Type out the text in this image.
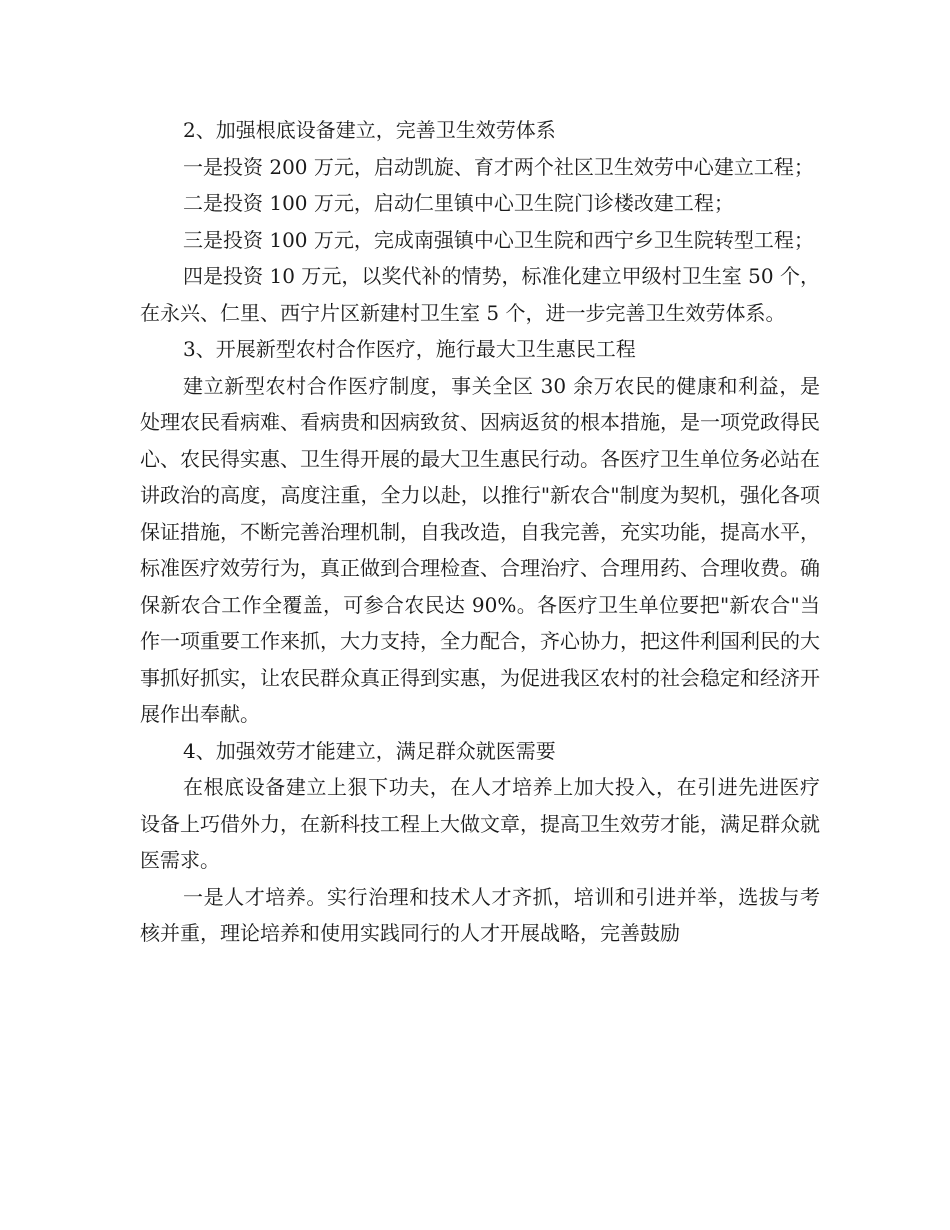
2、加强根底设备建立，完善卫生效劳体系

一是投资 200 万元，启动凯旋、育才两个社区卫生效劳中心建立工程；

二是投资 100 万元，启动仁里镇中心卫生院门诊楼改建工程；

三是投资 100 万元，完成南强镇中心卫生院和西宁乡卫生院转型工程；

四是投资 10 万元，以奖代补的情势，标准化建立甲级村卫生室 50 个，在永兴、仁里、西宁片区新建村卫生室 5 个，进一步完善卫生效劳体系。

3、开展新型农村合作医疗，施行最大卫生惠民工程

建立新型农村合作医疗制度，事关全区 30 余万农民的健康和利益，是处理农民看病难、看病贵和因病致贫、因病返贫的根本措施，是一项党政得民心、农民得实惠、卫生得开展的最大卫生惠民行动。各医疗卫生单位务必站在讲政治的高度，高度注重，全力以赴，以推行"新农合"制度为契机，强化各项保证措施，不断完善治理机制，自我改造，自我完善，充实功能，提高水平，标准医疗效劳行为，真正做到合理检查、合理治疗、合理用药、合理收费。确保新农合工作全覆盖，可参合农民达 90%。各医疗卫生单位要把"新农合"当作一项重要工作来抓，大力支持，全力配合，齐心协力，把这件利国利民的大事抓好抓实，让农民群众真正得到实惠，为促进我区农村的社会稳定和经济开展作出奉献。

4、加强效劳才能建立，满足群众就医需要

在根底设备建立上狠下功夫，在人才培养上加大投入，在引进先进医疗设备上巧借外力，在新科技工程上大做文章，提高卫生效劳才能，满足群众就医需求。

一是人才培养。实行治理和技术人才齐抓，培训和引进并举，选拔与考核并重，理论培养和使用实践同行的人才开展战略，完善鼓励
